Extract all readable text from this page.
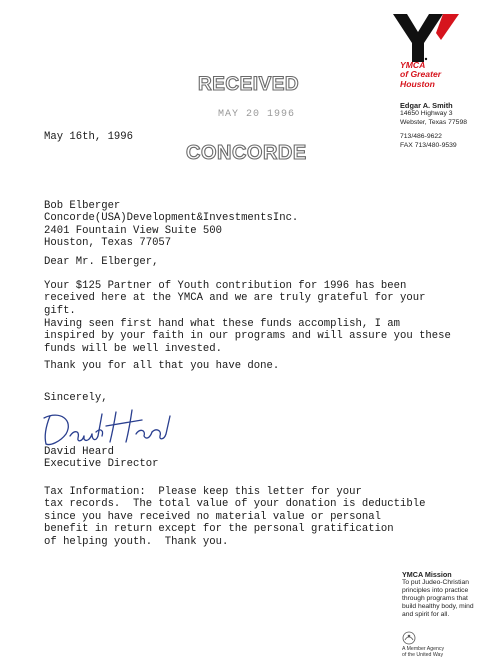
YMCA
of Greater
Houston
Edgar A. Smith
14650 Highway 3
Webster, Texas 77598
713/486-9622
FAX 713/480-9539
RECEIVED
MAY 20 1996
CONCORDE
May 16th, 1996
Bob Elberger
Concorde(USA)Development&InvestmentsInc.
2401 Fountain View Suite 500
Houston, Texas 77057
Dear Mr. Elberger,
Your $125 Partner of Youth contribution for 1996 has been
received here at the YMCA and we are truly grateful for your
gift.
Having seen first hand what these funds accomplish, I am
inspired by your faith in our programs and will assure you these
funds will be well invested.
Thank you for all that you have done.
Sincerely,
David Heard
Executive Director
Tax Information:  Please keep this letter for your
tax records.  The total value of your donation is deductible
since you have received no material value or personal
benefit in return except for the personal gratification
of helping youth.  Thank you.
YMCA Mission
To put Judeo-Christian
principles into practice
through programs that
build healthy body, mind
and spirit for all.
A Member Agency
of the United Way
